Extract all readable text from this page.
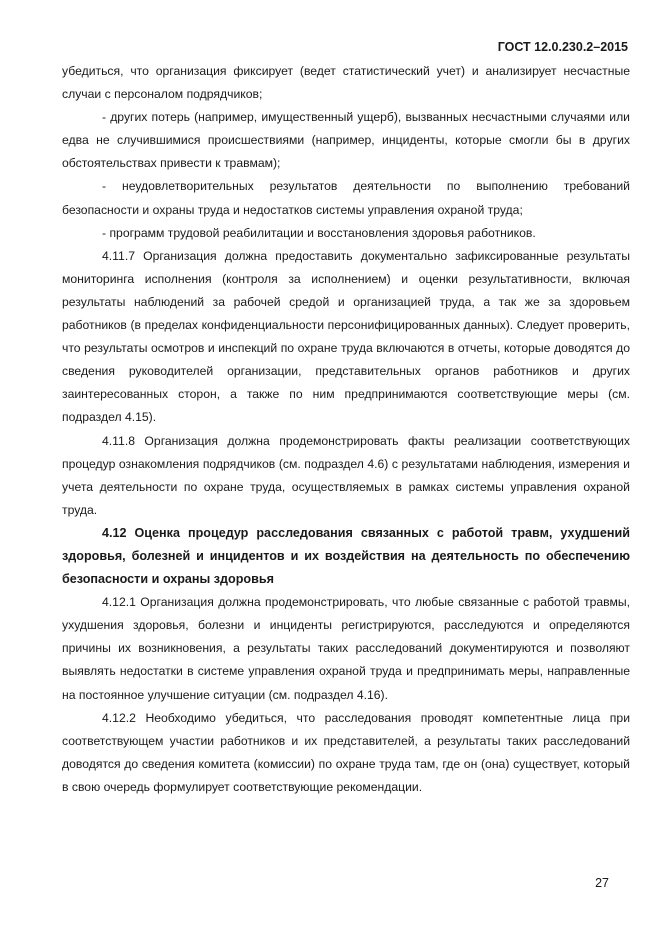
ГОСТ 12.0.230.2–2015

убедиться, что организация фиксирует (ведет статистический учет) и анализирует несчастные случаи с персоналом подрядчиков;

- других потерь (например, имущественный ущерб), вызванных несчастными случаями или едва не случившимися происшествиями (например, инциденты, которые смогли бы в других обстоятельствах привести к травмам);

- неудовлетворительных результатов деятельности по выполнению требований безопасности и охраны труда и недостатков системы управления охраной труда;

- программ трудовой реабилитации и восстановления здоровья работников.

4.11.7 Организация должна предоставить документально зафиксированные результаты мониторинга исполнения (контроля за исполнением) и оценки результативности, включая результаты наблюдений за рабочей средой и организацией труда, а так же за здоровьем работников (в пределах конфиденциальности персонифицированных данных). Следует проверить, что результаты осмотров и инспекций по охране труда включаются в отчеты, которые доводятся до сведения руководителей организации, представительных органов работников и других заинтересованных сторон, а также по ним предпринимаются соответствующие меры (см. подраздел 4.15).

4.11.8 Организация должна продемонстрировать факты реализации соответствующих процедур ознакомления подрядчиков (см. подраздел 4.6) с результатами наблюдения, измерения и учета деятельности по охране труда, осуществляемых в рамках системы управления охраной труда.

4.12 Оценка процедур расследования связанных с работой травм, ухудшений здоровья, болезней и инцидентов и их воздействия на деятельность по обеспечению безопасности и охраны здоровья

4.12.1 Организация должна продемонстрировать, что любые связанные с работой травмы, ухудшения здоровья, болезни и инциденты регистрируются, расследуются и определяются причины их возникновения, а результаты таких расследований документируются и позволяют выявлять недостатки в системе управления охраной труда и предпринимать меры, направленные на постоянное улучшение ситуации (см. подраздел 4.16).

4.12.2 Необходимо убедиться, что расследования проводят компетентные лица при соответствующем участии работников и их представителей, а результаты таких расследований доводятся до сведения комитета (комиссии) по охране труда там, где он (она) существует, который в свою очередь формулирует соответствующие рекомендации.

27
